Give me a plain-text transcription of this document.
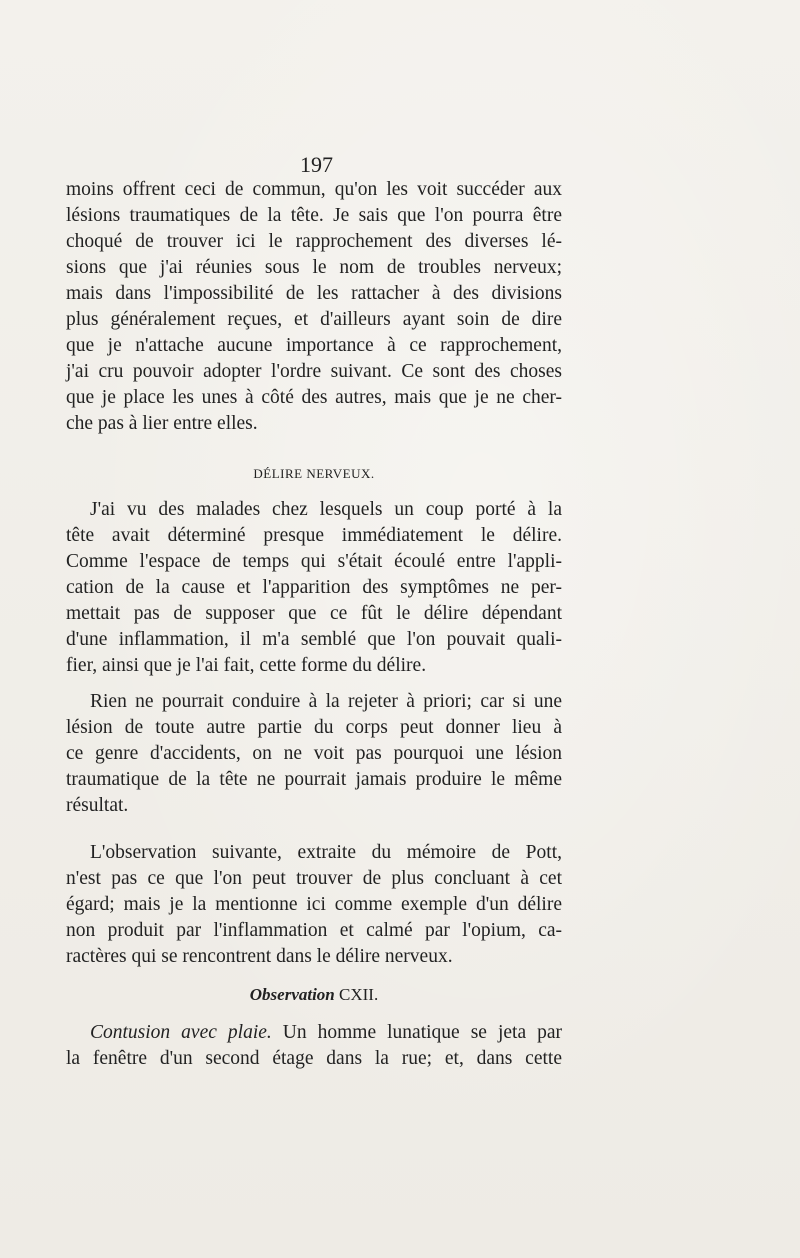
197
moins offrent ceci de commun, qu'on les voit succéder aux
lésions traumatiques de la tête. Je sais que l'on pourra être
choqué de trouver ici le rapprochement des diverses lé-
sions que j'ai réunies sous le nom de troubles nerveux;
mais dans l'impossibilité de les rattacher à des divisions
plus généralement reçues, et d'ailleurs ayant soin de dire
que je n'attache aucune importance à ce rapprochement,
j'ai cru pouvoir adopter l'ordre suivant. Ce sont des choses
que je place les unes à côté des autres, mais que je ne cher-
che pas à lier entre elles.
DÉLIRE NERVEUX.
J'ai vu des malades chez lesquels un coup porté à la
tête avait déterminé presque immédiatement le délire.
Comme l'espace de temps qui s'était écoulé entre l'appli-
cation de la cause et l'apparition des symptômes ne per-
mettait pas de supposer que ce fût le délire dépendant
d'une inflammation, il m'a semblé que l'on pouvait quali-
fier, ainsi que je l'ai fait, cette forme du délire.
Rien ne pourrait conduire à la rejeter à priori; car si une
lésion de toute autre partie du corps peut donner lieu à
ce genre d'accidents, on ne voit pas pourquoi une lésion
traumatique de la tête ne pourrait jamais produire le même
résultat.
L'observation suivante, extraite du mémoire de Pott,
n'est pas ce que l'on peut trouver de plus concluant à cet
égard; mais je la mentionne ici comme exemple d'un délire
non produit par l'inflammation et calmé par l'opium, ca-
ractères qui se rencontrent dans le délire nerveux.
Observation CXII.
Contusion avec plaie. Un homme lunatique se jeta par
la fenêtre d'un second étage dans la rue; et, dans cette
